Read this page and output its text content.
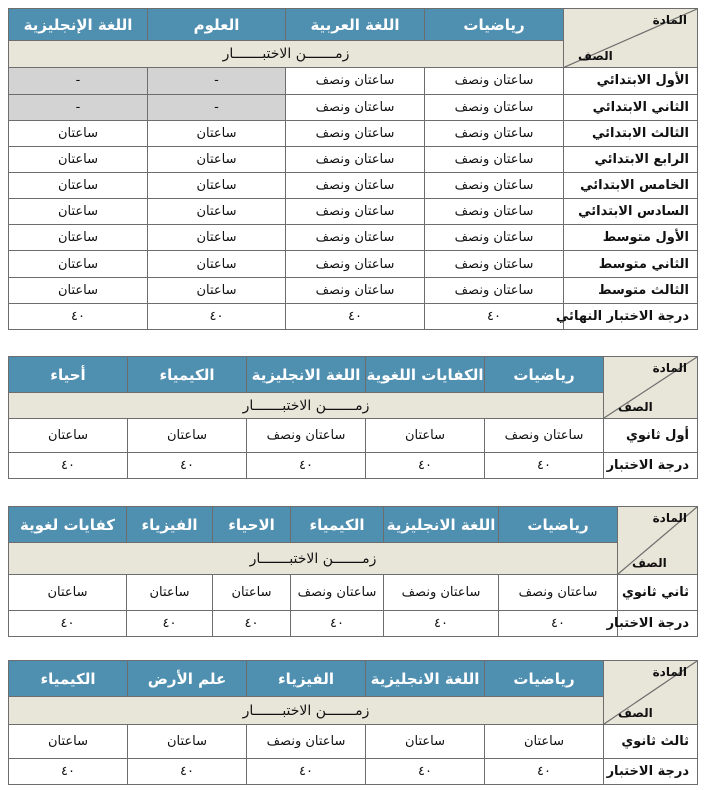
المادة
الصف	رياضيات	اللغة العربية	العلوم	اللغة الإنجليزية
	زمـــــــن الاختبـــــــار			
الأول الابتدائي	ساعتان ونصف	ساعتان ونصف	-	-
الثاني الابتدائي	ساعتان ونصف	ساعتان ونصف	-	-
الثالث الابتدائي	ساعتان ونصف	ساعتان ونصف	ساعتان	ساعتان
الرابع الابتدائي	ساعتان ونصف	ساعتان ونصف	ساعتان	ساعتان
الخامس الابتدائي	ساعتان ونصف	ساعتان ونصف	ساعتان	ساعتان
السادس الابتدائي	ساعتان ونصف	ساعتان ونصف	ساعتان	ساعتان
الأول متوسط	ساعتان ونصف	ساعتان ونصف	ساعتان	ساعتان
الثاني متوسط	ساعتان ونصف	ساعتان ونصف	ساعتان	ساعتان
الثالث متوسط	ساعتان ونصف	ساعتان ونصف	ساعتان	ساعتان
درجة الاختبار النهائي	٤٠	٤٠	٤٠	٤٠
المادة
الصف	رياضيات	الكفايات اللغوية	اللغة الانجليزية	الكيمياء	أحياء
	زمـــــــن الاختبـــــــار				
أول ثانوي	ساعتان ونصف	ساعتان	ساعتان ونصف	ساعتان	ساعتان
درجة الاختبار	٤٠	٤٠	٤٠	٤٠	٤٠
المادة
الصف	رياضيات	اللغة الانجليزية	الكيمياء	الاحياء	الفيزياء	كفايات لغوية
	زمـــــــن الاختبـــــــار					
ثاني ثانوي	ساعتان ونصف	ساعتان ونصف	ساعتان ونصف	ساعتان	ساعتان	ساعتان
درجة الاختبار	٤٠	٤٠	٤٠	٤٠	٤٠	٤٠
المادة
الصف	رياضيات	اللغة الانجليزية	الفيزياء	علم الأرض	الكيمياء
	زمـــــــن الاختبـــــــار				
ثالث ثانوي	ساعتان	ساعتان	ساعتان ونصف	ساعتان	ساعتان
درجة الاختبار	٤٠	٤٠	٤٠	٤٠	٤٠
